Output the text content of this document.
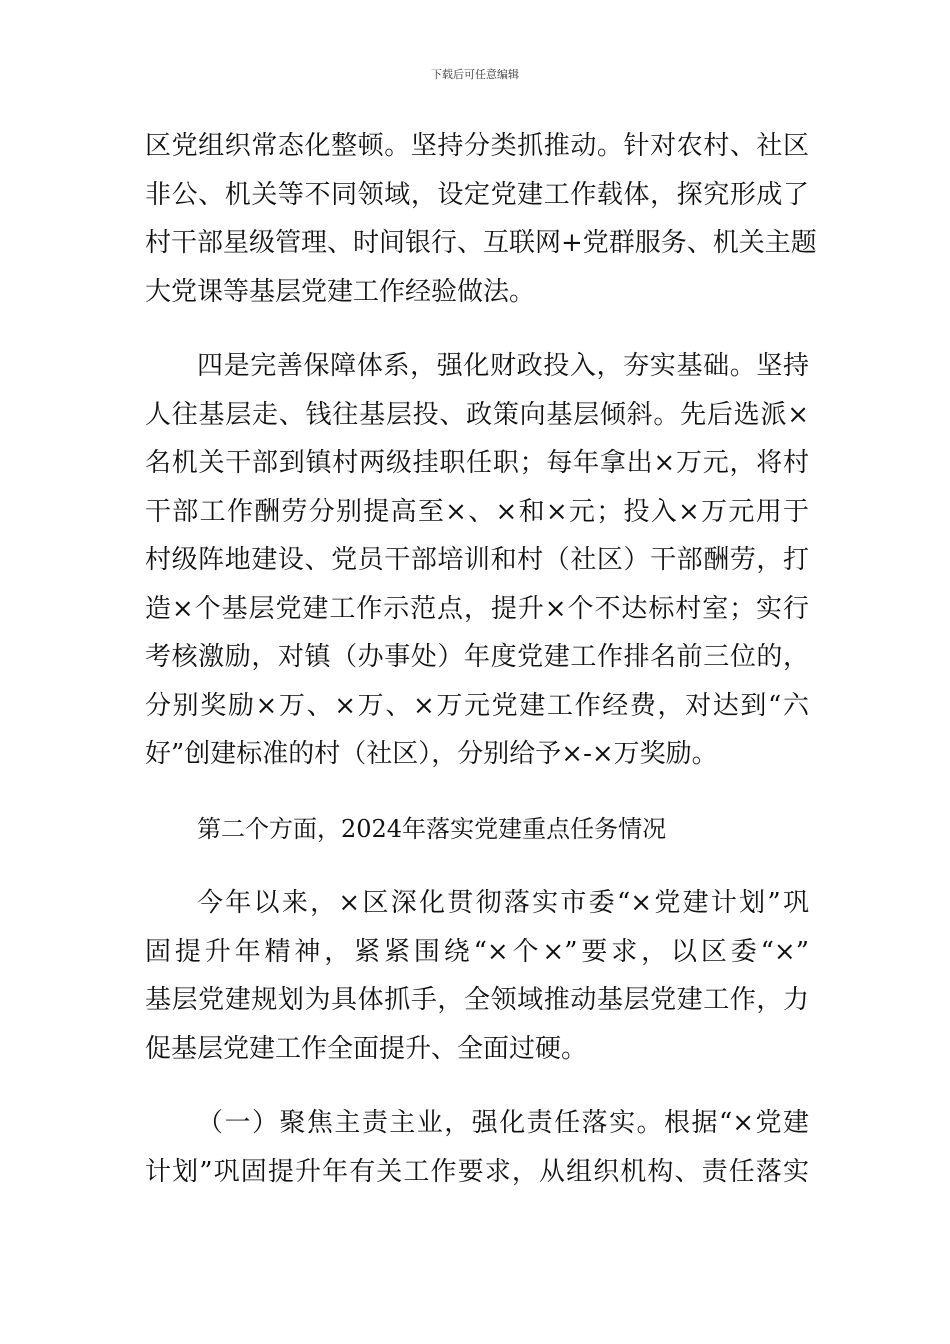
下载后可任意编辑
区党组织常态化整顿。坚持分类抓推动。针对农村、社区
非公、机关等不同领域，设定党建工作载体，探究形成了
村干部星级管理、时间银行、互联网+党群服务、机关主题
大党课等基层党建工作经验做法。
四是完善保障体系，强化财政投入，夯实基础。坚持
人往基层走、钱往基层投、政策向基层倾斜。先后选派×
名机关干部到镇村两级挂职任职；每年拿出×万元，将村
干部工作酬劳分别提高至×、×和×元；投入×万元用于
村级阵地建设、党员干部培训和村（社区）干部酬劳，打
造×个基层党建工作示范点，提升×个不达标村室；实行
考核激励，对镇（办事处）年度党建工作排名前三位的，
分别奖励×万、×万、×万元党建工作经费，对达到“六
好”创建标准的村（社区），分别给予×-×万奖励。
第二个方面，2024年落实党建重点任务情况
今年以来，×区深化贯彻落实市委“×党建计划”巩
固提升年精神，紧紧围绕“×个×”要求，以区委“×”
基层党建规划为具体抓手，全领域推动基层党建工作，力
促基层党建工作全面提升、全面过硬。
（一）聚焦主责主业，强化责任落实。根据“×党建
计划”巩固提升年有关工作要求，从组织机构、责任落实
